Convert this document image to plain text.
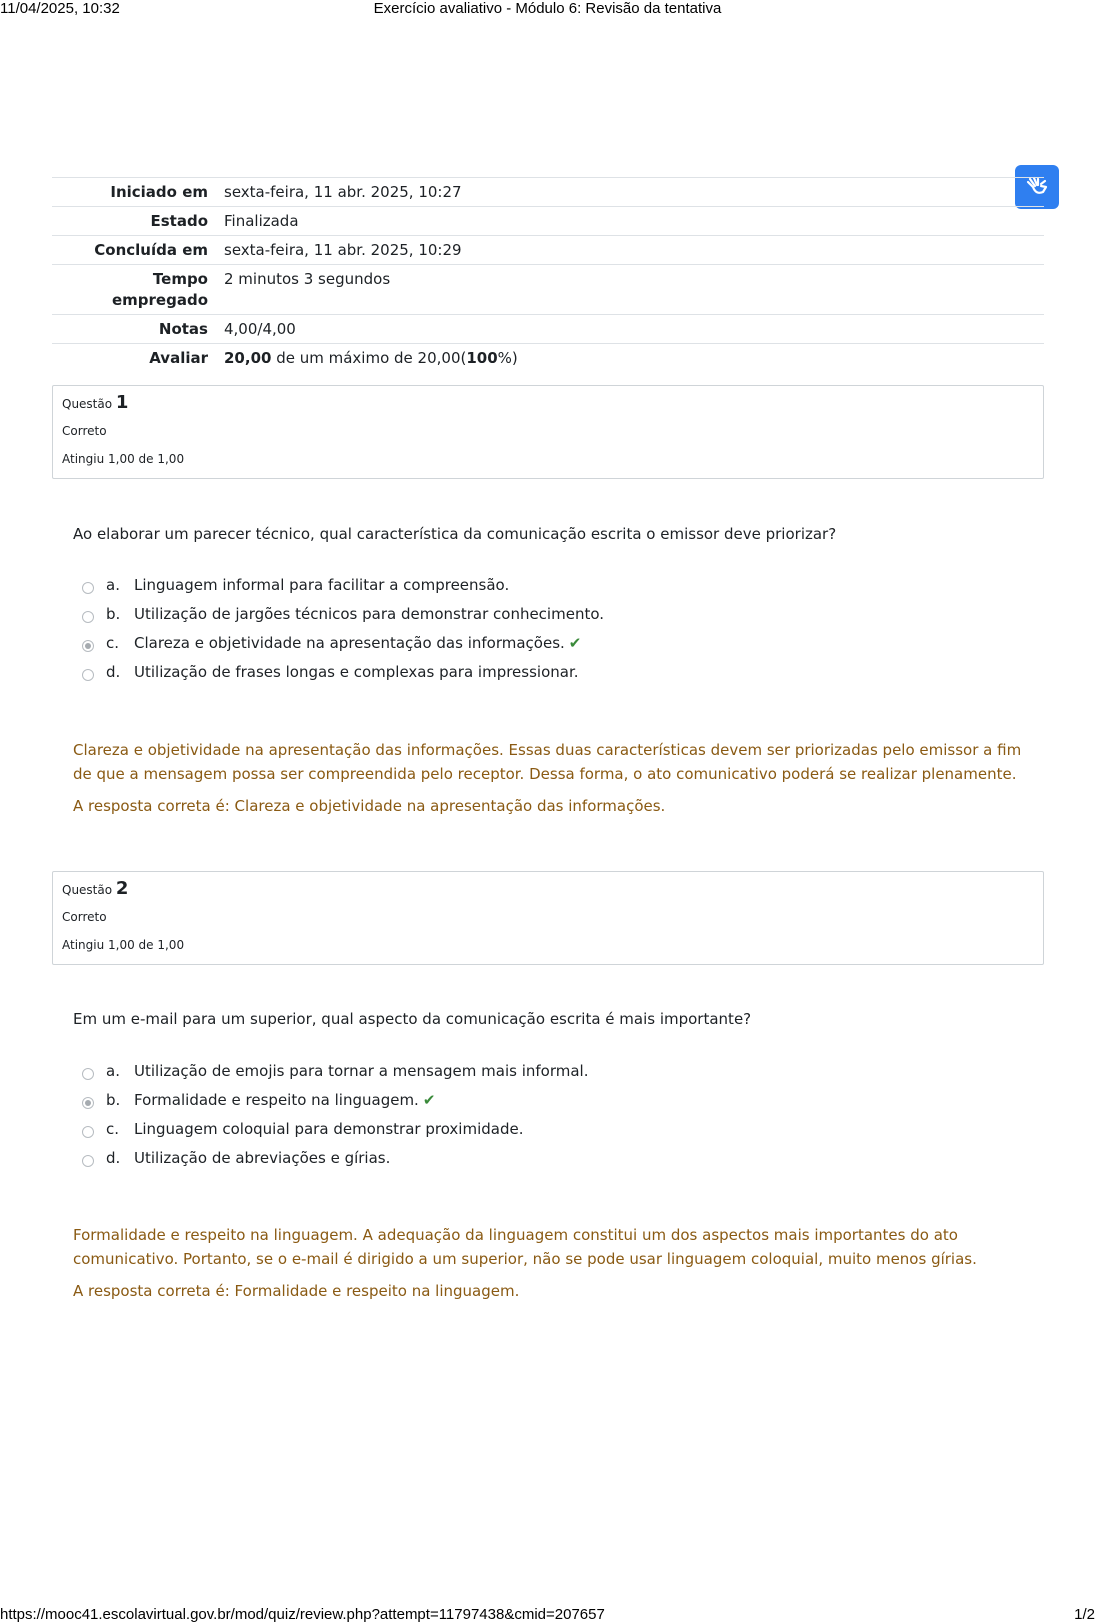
11/04/2025, 10:32	Exercício avaliativo - Módulo 6: Revisão da tentativa
Iniciado em	sexta-feira, 11 abr. 2025, 10:27
Estado	Finalizada
Concluída em	sexta-feira, 11 abr. 2025, 10:29
Tempo empregado	2 minutos 3 segundos
Notas	4,00/4,00
Avaliar	20,00 de um máximo de 20,00(100%)
Questão 1
Correto
Atingiu 1,00 de 1,00
Ao elaborar um parecer técnico, qual característica da comunicação escrita o emissor deve priorizar?
a. Linguagem informal para facilitar a compreensão.
b. Utilização de jargões técnicos para demonstrar conhecimento.
c. Clareza e objetividade na apresentação das informações. ✔
d. Utilização de frases longas e complexas para impressionar.
Clareza e objetividade na apresentação das informações. Essas duas características devem ser priorizadas pelo emissor a fim de que a mensagem possa ser compreendida pelo receptor. Dessa forma, o ato comunicativo poderá se realizar plenamente.
A resposta correta é: Clareza e objetividade na apresentação das informações.
Questão 2
Correto
Atingiu 1,00 de 1,00
Em um e-mail para um superior, qual aspecto da comunicação escrita é mais importante?
a. Utilização de emojis para tornar a mensagem mais informal.
b. Formalidade e respeito na linguagem. ✔
c. Linguagem coloquial para demonstrar proximidade.
d. Utilização de abreviações e gírias.
Formalidade e respeito na linguagem. A adequação da linguagem constitui um dos aspectos mais importantes do ato comunicativo. Portanto, se o e-mail é dirigido a um superior, não se pode usar linguagem coloquial, muito menos gírias.
A resposta correta é: Formalidade e respeito na linguagem.
https://mooc41.escolavirtual.gov.br/mod/quiz/review.php?attempt=11797438&cmid=207657	1/2
